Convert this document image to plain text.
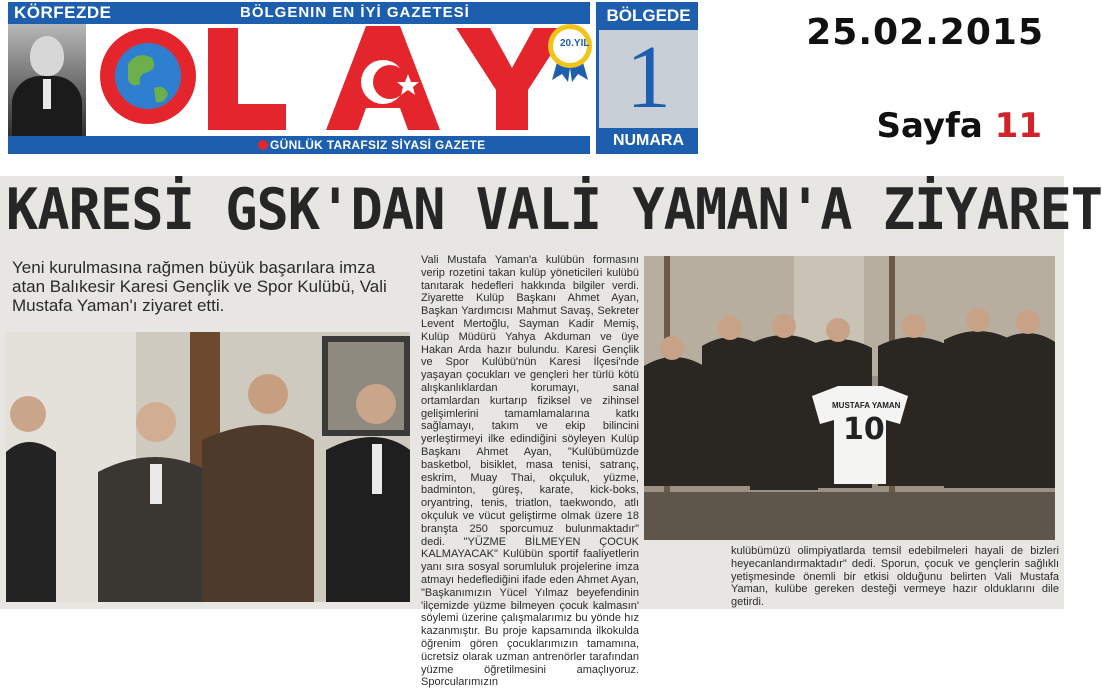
KÖRFEZDE	BÖLGENIN EN İYİ GAZETESİ
20.YIL
GÜNLÜK TARAFSIZ SİYASİ GAZETE
BÖLGEDE
1
NUMARA
25.02.2015
Sayfa 11
KARESİ GSK'DAN VALİ YAMAN'A ZİYARET
Yeni kurulmasına rağmen büyük başarılara imza atan Balıkesir Karesi Gençlik ve Spor Kulübü, Vali Mustafa Yaman'ı ziyaret etti.
Vali Mustafa Yaman'a kulübün formasını verip rozetini takan kulüp yöneticileri kulübü tanıtarak hedefleri hakkında bilgiler verdi. Ziyarette Kulüp Başkanı Ahmet Ayan, Başkan Yardımcısı Mahmut Savaş, Sekreter Levent Mertoğlu, Sayman Kadir Memiş, Kulüp Müdürü Yahya Akduman ve üye Hakan Arda hazır bulundu. Karesi Gençlik ve Spor Kulübü'nün Karesi İlçesi'nde yaşayan çocukları ve gençleri her türlü kötü alışkanlıklardan korumayı, sanal ortamlardan kurtarıp fiziksel ve zihinsel gelişimlerini tamamlamalarına katkı sağlamayı, takım ve ekip bilincini yerleştirmeyi ilke edindiğini söyleyen Kulüp Başkanı Ahmet Ayan, "Kulübümüzde basketbol, bisiklet, masa tenisi, satranç, eskrim, Muay Thai, okçuluk, yüzme, badminton, güreş, karate, kick-boks, oryantring, tenis, triatlon, taekwondo, atlı okçuluk ve vücut geliştirme olmak üzere 18 branşta 250 sporcumuz bulunmaktadır" dedi. "YÜZME BİLMEYEN ÇOCUK KALMAYACAK" Kulübün sportif faaliyetlerin yanı sıra sosyal sorumluluk projelerine imza atmayı hedeflediğini ifade eden Ahmet Ayan, "Başkanımızın Yücel Yılmaz beyefendinin 'ilçemizde yüzme bilmeyen çocuk kalmasın' söylemi üzerine çalışmalarımız bu yönde hız kazanmıştır. Bu proje kapsamında ilkokulda öğrenim gören çocuklarımızın tamamına, ücretsiz olarak uzman antrenörler tarafından yüzme öğretilmesini amaçlıyoruz. Sporcularımızın
MUSTAFA YAMAN
10
kulübümüzü olimpiyatlarda temsil edebilmeleri hayali de bizleri heyecanlandırmaktadır" dedi. Sporun, çocuk ve gençlerin sağlıklı yetişmesinde önemli bir etkisi olduğunu belirten Vali Mustafa Yaman, kulübe gereken desteği vermeye hazır olduklarını dile getirdi.
